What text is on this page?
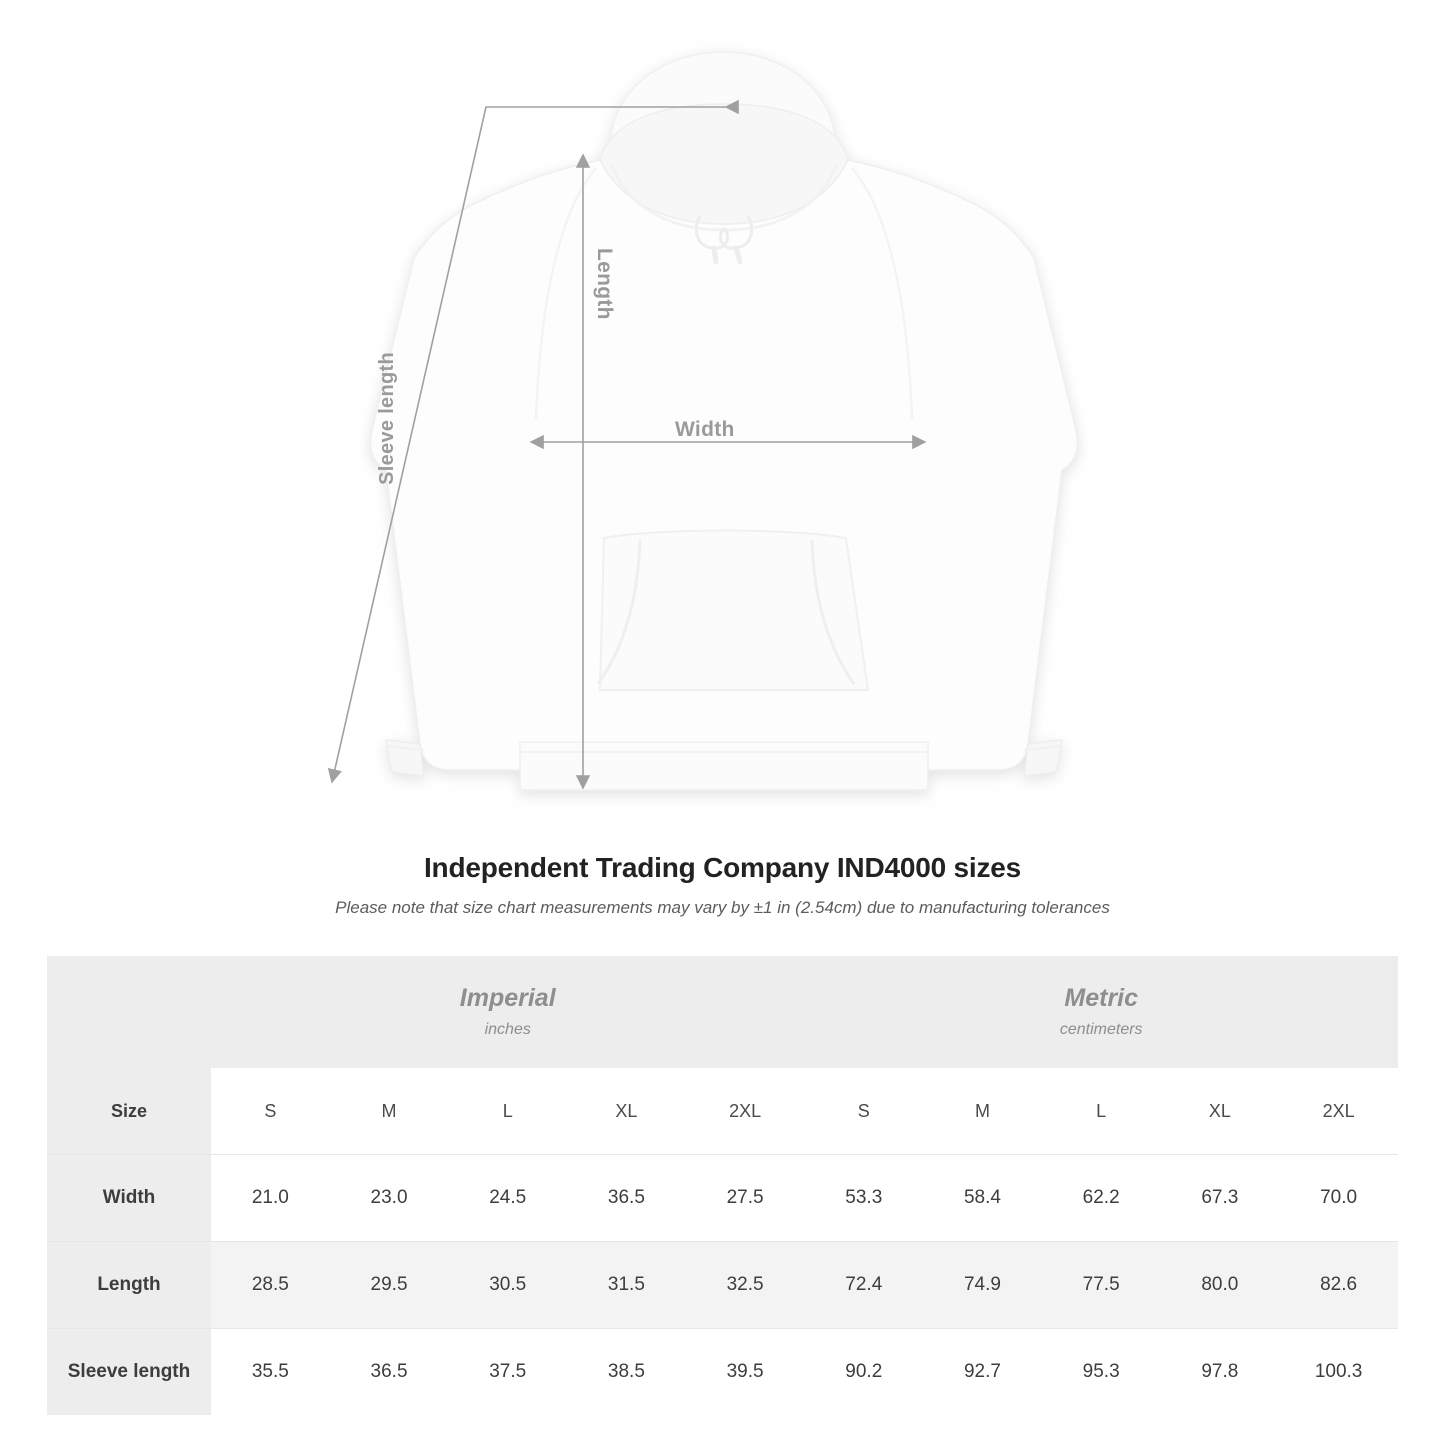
Length
Width
Sleeve length
Independent Trading Company IND4000 sizes

Please note that size chart measurements may vary by ±1 in (2.54cm) due to manufacturing tolerances

Imperial
inches

Metric
centimeters

Size	S	M	L	XL	2XL	S	M	L	XL	2XL
Width	21.0	23.0	24.5	36.5	27.5	53.3	58.4	62.2	67.3	70.0
Length	28.5	29.5	30.5	31.5	32.5	72.4	74.9	77.5	80.0	82.6
Sleeve length	35.5	36.5	37.5	38.5	39.5	90.2	92.7	95.3	97.8	100.3
